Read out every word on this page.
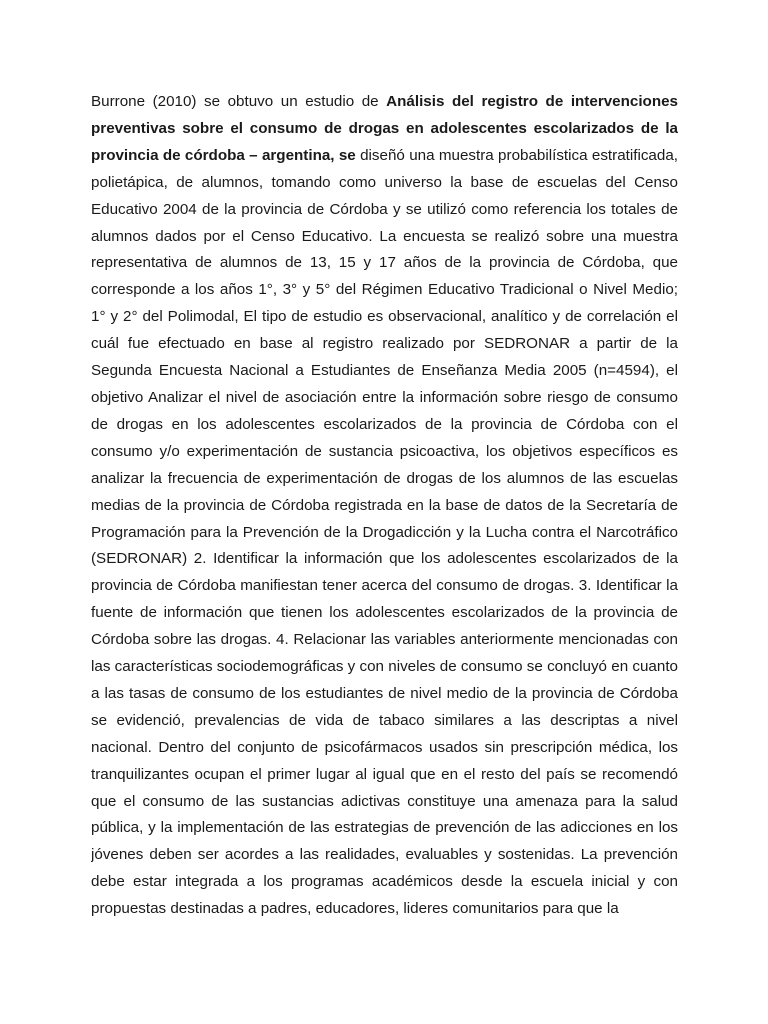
Burrone (2010) se obtuvo un estudio de Análisis del registro de intervenciones preventivas sobre el consumo de drogas en adolescentes escolarizados de la provincia de córdoba – argentina, se diseñó una muestra probabilística estratificada, polietápica, de alumnos, tomando como universo la base de escuelas del Censo Educativo 2004 de la provincia de Córdoba y se utilizó como referencia los totales de alumnos dados por el Censo Educativo. La encuesta se realizó sobre una muestra representativa de alumnos de 13, 15 y 17 años de la provincia de Córdoba, que corresponde a los años 1°, 3° y 5° del Régimen Educativo Tradicional o Nivel Medio; 1° y 2° del Polimodal, El tipo de estudio es observacional, analítico y de correlación el cuál fue efectuado en base al registro realizado por SEDRONAR a partir de la Segunda Encuesta Nacional a Estudiantes de Enseñanza Media 2005 (n=4594), el objetivo Analizar el nivel de asociación entre la información sobre riesgo de consumo de drogas en los adolescentes escolarizados de la provincia de Córdoba con el consumo y/o experimentación de sustancia psicoactiva, los objetivos específicos es analizar la frecuencia de experimentación de drogas de los alumnos de las escuelas medias de la provincia de Córdoba registrada en la base de datos de la Secretaría de Programación para la Prevención de la Drogadicción y la Lucha contra el Narcotráfico (SEDRONAR) 2. Identificar la información que los adolescentes escolarizados de la provincia de Córdoba manifiestan tener acerca del consumo de drogas. 3. Identificar la fuente de información que tienen los adolescentes escolarizados de la provincia de Córdoba sobre las drogas. 4. Relacionar las variables anteriormente mencionadas con las características sociodemográficas y con niveles de consumo se concluyó en cuanto a las tasas de consumo de los estudiantes de nivel medio de la provincia de Córdoba se evidenció, prevalencias de vida de tabaco similares a las descriptas a nivel nacional. Dentro del conjunto de psicofármacos usados sin prescripción médica, los tranquilizantes ocupan el primer lugar al igual que en el resto del país se recomendó que el consumo de las sustancias adictivas constituye una amenaza para la salud pública, y la implementación de las estrategias de prevención de las adicciones en los jóvenes deben ser acordes a las realidades, evaluables y sostenidas. La prevención debe estar integrada a los programas académicos desde la escuela inicial y con propuestas destinadas a padres, educadores, lideres comunitarios para que la
